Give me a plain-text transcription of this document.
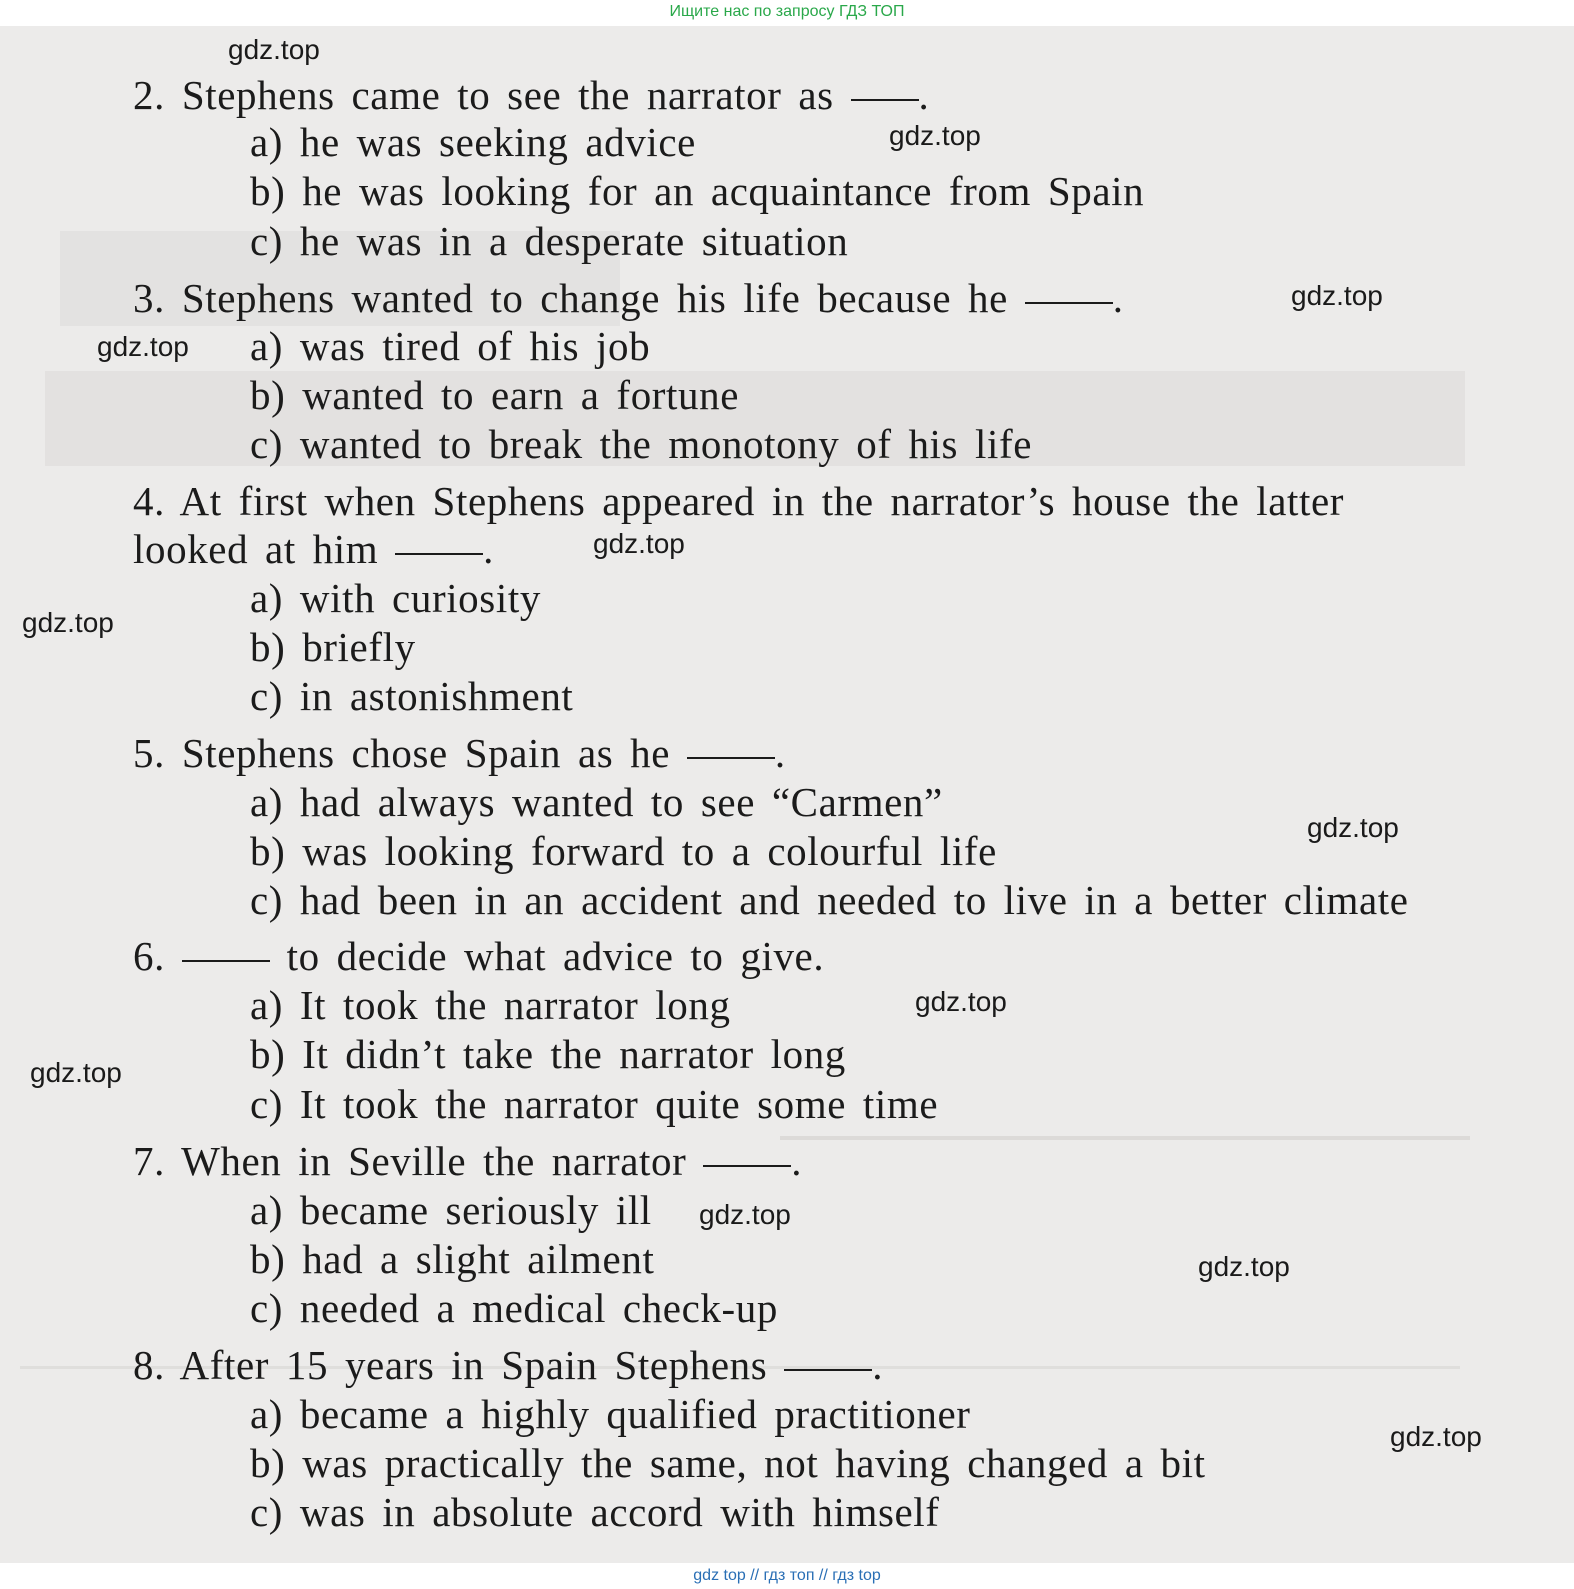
Ищите нас по запросу ГДЗ ТОП
2. Stephens came to see the narrator as .
a) he was seeking advice
b) he was looking for an acquaintance from Spain
c) he was in a desperate situation
3. Stephens wanted to change his life because he	.
a) was tired of his job
b) wanted to earn a fortune
c) wanted to break the monotony of his life
4. At first when Stephens appeared in the narrator’s house the latter
looked at him	.
a) with curiosity
b) briefly
c) in astonishment
5. Stephens chose Spain as he	.
a) had always wanted to see “Carmen”
b) was looking forward to a colourful life
c) had been in an accident and needed to live in a better climate
6.	to decide what advice to give.
a) It took the narrator long
b) It didn’t take the narrator long
c) It took the narrator quite some time
7. When in Seville the narrator	.
a) became seriously ill
b) had a slight ailment
c) needed a medical check-up
8. After 15 years in Spain Stephens	.
a) became a highly qualified practitioner
b) was practically the same, not having changed a bit
c) was in absolute accord with himself
gdz.top
gdz.top
gdz.top
gdz.top
gdz.top
gdz.top
gdz.top
gdz.top
gdz.top
gdz.top
gdz.top
gdz.top
gdz top // гдз топ // гдз top
